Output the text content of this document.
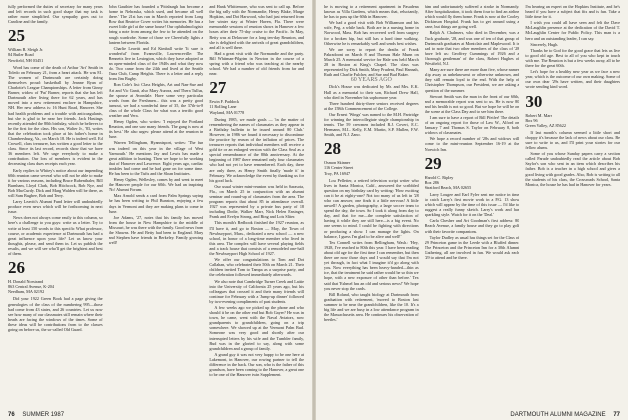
fully performed the duties of secretary for many years and left records in such good shape that my task is rather more simplified. Our sympathy goes out to Caroline and the family.

25
William B. Sleigh Jr.
84 Butler Road
Newfield, NH 03451

Word has come of the death of Arthur 'Art' Smith in Toledo on February 21, from a heart attack. He was 81. The women of Dartmouth are certainly doing themselves proud: basketball by Jeanne Ryan of Charlotte's League Championships. A letter from Ginny Barner, widow of 'Pat' Barner, reports that she has left Dartmouth after living there for 62 years, and has moved into a new retirement enclave in Hampshire, NH. Her new address is: 16 Hunt Road, Hanover. She had health problems and a trouble with anticoagulants, but she is glad to be near her friends. Jack Hastings recently attended the 80th birthday, which he believes to be the first for the class. His son, Walter Jr., '83, writes that the celebration took place at his father's home in Chambersburg, Va., on March 18. He is indeed well. Ed Crowell, class treasurer, has written a good letter to the class. Since its last record, records show that we have 36 members left. We urge everybody to make a contribution. Our loss of members is evident in the decreasing class dues receipts each year.

Early replies to Whitey's notice about our impending 60th reunion came several who will not be able to make it for various reasons, including Bruce Rubenthaler, Bill Burnham, Lloyd Clark, Bob Hitchcock, Bob Nye, and Bob MacCurdy. Dick and Marg Walden will be there, as will Sam Bugbee, Bob and Terry.

Larry Leavitt's Alumni Fund letter will undoubtedly produce even news which will be forthcoming in next issue.

News does not always come easily to this column, so here's a challenge to you guys: write us a letter. Try to write at least 150 words to this specific What professor, course, or academic experience at Dartmouth has had a great influence upon your life? Let us know your thoughts, please, and send them in. Let us publish the results, and we will see who'll get the brightest and best of them.

26
H. Donald Norstrand
863 Central Avenue, K-204
Needham, MA 02192

Did your 1922 Green Book had a page giving the genealogies of the class of the numbering 995—those had come from 43 states, and 26 countries. Let us now see how many of our classmates still remain where their heads are facing the windows of the times. Some of these ideas will be contributions from to the classes going on before us, the so-called Old Guard.

John Gauthier has founded a 'Pittsburgh has become a home in Nebraska, which used, and became all well there.' The 21st has run in March reported from Long Bow that Beatrice Cover writes his memories. He has a sweet little girl at the same house! Our ophthalmologists bring a note from among the few to be attended on the rough wardrobe. Some of those we Cheerfully lights a lantern between Florida.

Charlie Leavitt and Ed Kimball write 'It sure is wonderful' from Evansville, Lawrenceville: The Bennetts live in Lexington, which they have adopted as an open-minded class of the 1940s and what they now do. Two came from the 24th and lived at the Seattle Tuna Club, Camp Heights. There is a letter and a reply from Jim Bugby.

Ron Cole's list: Class Heights, Art and Nan-Sue and Art and Vic Gantt, also Mary Aurora, and Thera Tullus, the spouse at Avondale. Have some very particular words from the Freshmen... this was a pretty good turnout, we had a wonderful time of 35, the 37th-to-8 class of the whole Class for what was a terrific good weather and Vera.

Henry Ogden, who writes: 'I enjoyed the Portland Reunion, and one saw many friends. The gang is now at its best.' He also urges: please attend at the reunion in June.

Warren Tellingham, Hyannisport, writes: 'The fun was indeed on this year in the village of West Yarmouth.' He mentions Jay and Lewis has made a great addition to hunting. Then we hope to be working that of Hanover and Lawrence. Eight years ago, cardiac troubles had come and he had gone on for some time. He has been to the Tufts and the Sloan Institutes.

Henry Ogden, Wellesley, comes by and went to meet the Hanover people for our 60th. We had an inspiring 'No' Alumni Forum.

Max Arnold sends a card from Palm Springs saying he has been writing to Phil Bunston, enjoying a few days in Vermont and they are making plans to come in June.

Joe Adams, '27, notes that his family has moved from the house in New Hampshire to the middle of Missouri, he was there with the family. Good news from the Shawns. He and Betty had been to England. Mary and Stephen have friends in Berkeley. Family growing well!

and Hank Whittemore, who was sent to call up. Before the big rally with the Normandie, Henry Blake, Marge Hopkins, and Dot Harwood, who had just returned from her winter stay at Winter Haven, Fla. There were memorable sessions of reunion shows in Hanover a few hours after their 75-day cruise to the Pacific. In May, Betty was at Delaware for a long ten-day Reunion, and she is delighted with the arrivals of great grandchildren, and all is well there.

Had a great visit with the Normandie and the party. Bill Whitman-Pilgrim in Newton in the course of a spring with a friend who was teaching at the nearby school. We had a number of old friends from far and near.

27
Erwin F. Paddock
11 Rolling Lane
Wayland, MA 01778

During 1985, we made goals — 'in the matter of remembering the names of classmates as they appear in a Birthday bulletin to be issued around 80 Club.' However, in 1986 we found it necessary to discontinue the practice by reason of the inflation of prices. The treasurer reports that individual members will receive a gold tie or an enlarged version with the Class Seal as a special remembrance of the 80th anniversary. At the beginning of 1987 there remained only four classmates who had not yet to have remembered. Each day, there are only three, as Henry Smith finally 'made it' in February. We acknowledge the event by thanking us for his good luck.

Our usual winter mini-reunion was held in Sarasota, Fla., on March 25 in conjunction with an alumni seminar and round-up of classmates from the area. The program reports that about 85 in attendance overall. 1927 was represented by a private bus party of 18 including Dodie, Walker Marr, Nick Helen Ensinger, Frank and Evelyn Strong, and Bing and Lois Sliter.

This month's Redbook finished the 1927 reunion, as I'll have it, and go to Boston — May, the Town of Newburyport, Mass., dedicated a new school — a new school, in honor of a long-time member who lived in this area. The complex will have several playing fields and a track house that consists of a remodeled one-half the Newburyport High School of 1927.

We offer our congratulations to Tom and Dot Callahan, who celebrated their 50th on March 21. Their children invited Tom to Tampa as a surprise party, and the celebration followed immediately afterwards.

We also note that Cambridge Turner Creek and Lattie into the University of California 25 years ago, but his colleagues that crossed it and their many friends will continue for February with a 'Jump-up dinner' followed by two-evening compliments of past students.

A few weeks ago we picked up the phone and who should it be on the other end but Bob Gayer? He was in town, he came, went with the Naval Aviators, now grandparents to grandchildren, going on a trip somewhere. We showed up at the Vermont Palm Bud. Someone was very good and shortly after our interrupted letters by his wife and the Tumbler family, Bud was in the gloried to say, along with some grandchildren and a group of family.

A grand guy it was not very happy to be one here at Lakemont, in Hanover, our rowing partner to tell the difference in the back. Our son, who is the father of this grandson, have been coming to the Hanover, a great one to be one of the Hanover twin Supplement.

76 SUMMER 1987

he is moving to a retirement apartment in Pasadena known as Villa Gardens, which means that, reluctantly, he has to pass up the 60th in Hanover.

We had a good visit with Bob Williamson and his wife, Peg, a while back. Both are in a nursing home in Norwood, Mass. Bob has recovered well from surgery for a broken hip, but still has a hard time walking. Otherwise he is remarkably well and sends best wishes.

We are sorry to report the deaths of Frank Pakradooni on March 8 and Thomas Hale Munn on March 25. A memorial service for Hale was held March 28 in Boston at King's Chapel. The class was represented by Dick Smith, Mary Prudent, Paul Hannah, Ruth and Charlie Fulcher, and Sue and Bud Baker.

60 YEARS AGO

Dick's House was dedicated by Mr. and Mrs. E.K. Hall as a memorial to their son, Richard Drew Hall, who died in November his sophomore year.

Three hundred thirty-three seniors received degrees at the 158th Commencement of the College.

Our Ernest 'Wings' was named to the M.H. Partridge for winning the intercollegiate single championship in tennis. The 59 crewmen included R.J. Covert, E.C. Hermann, M.L. Kelly, E.M. Martin, S.P. Mullen, F.W. Smith, and N.J. Zano.

28
Osmon Skinner
116 Center Street
Troy, PA 16947

Lou Pelletier, a retired television script writer who lives in Santa Monica, Calif., answered the scribbled question on my birthday card by writing: 'How exciting can it be at eighty-one? Not too many of us left in '28 who can answer, one finds it a little nervous! A little unwell! A garden, photography, a large soccer team to spend the day, the town. So I took it along from day to day, and that for me—the complete satisfaction of having it while they are still here—is a big event. No one seems to mind. I could be fighting with directions or producing a show. I can manage the lights. On balance, I guess I'm glad to be alive and well!'

Tex Connell writes from Bellingham, Wash.: 'Hey, 1928, I've reached to 80th this year. I have been reading about old age for the first time I can remember, but then there are now those days and I would say that I'm not yet through, in fact what I imagine it'd go along with you. Now everything has been heavy-handed—thin as ice, that the treatment he said rather would be so thin we hope, with a new exposure of other than before.' Tex said that 'Eshmel has an old and serious news!' We hope you never stop the cards.

Bill Roland, who taught biology at Dartmouth from graduation with retirement, 'moved to Boston last summer to be near the grandchildren, like the 10. It's a big life and we are busy in a low attendance program in the Massachusetts area. He continues his observation of beetles.'

him and unfortunately suffered a stroke in Normandy. After hospitalization, it took them four to find an airline which would fly them home. Frank is now at the Cooley Dickinson Hospital. Frank has to get around using a cane, but things are going well.

Ralph A. Chalmers, who died in December, was a Tuck graduate, '28, and was one of ten of that group of Dartmouth graduates at Montclair and Maplewood. It is sad to note that two other members of the class of '28 have left us: Geoffrey Cummings of 1926 and a 'thorough gentleman' of the class, Robert Hughes of Westfield, N.J.

Many are sure there are more than five, whose names slip away as unbeknownst or otherwise unknown, and they still remain loyal to the end. With the help of Christopher Thompson, our President, we are asking a question of the summer.

Stewart Smith was the man in the front of our 60th, and a memorable report was sent to us. He is now 80 and his health is not so good. But we hope he will be on the scene at the Class Day and to see him there.

I am sure to have a report of Bill Pfeifer! The details of an ongoing report for those of Law W., Alford on January 7 and Thomas S. Taylor on February 8, both widows of classmates.

We hope a record number of '28s and widows will come to the mini-reunion September 16-19 at the Norwich Inn.

29
Harold C. Ripley
Box 286
Stratford Beach, MA 02655

Larry Lougee and Earl Fyler sent me notice in time to catch Larry's first movie work in a P.G. 13 show which will appear by the time of this issue — I'd like to suggest a really funny sketch. Larry's work and has sparkling style. Watch for it on the 'Deal.'

Carla Chesher and Art Goodman's first address: 80 Beach Avenue, a family house and they go to play golf with their favorite companions.

Taylor Dudley as usual has things set for the Class of 29 Princeton game in the Leede with a Bluffed dinner. The Princeton and the Princeton Inn for a 30th Alumni Gathering, all are involved in fun. We would ask each '29 to attend and be there.

I'm hearing an expert on the Hopkins Institute, and he's heard if you have a subject that fits and is fun. Take a little time for it.

I wish you could all have seen and felt the Dave McLaughlin presence at the dedication of the David T. McLaughlin Center for Public Policy. This man is a hero and an outstanding leader, I can say.

Sincerely, Hugh.

Thanks be to God for the good grace that lets us live to good old age. Best to all of you who kept in touch with me. The Reunion is but a few weeks away, all to be there for the great 60th.

Let's hope for a healthy new year as we face a new year, which is the outcome of our own making. Some of our own dear '29s have written, and their daughters wrote sending kind word.

30
Robert M. Marr
Box 96
Green Valley, AZ 85622

If last month's column seemed a little short and choppy it's because the lack of news about our class. Be sure to write to us, and I'll print your stories for our fellow alums.

Some of you whose Sunday papers carry a section called Parade undoubtedly read the article about Bob Saylor's son who sent in an item which describes his father. Bob is a teacher in a high school and gives a good living with good grades. Also, Bob is writing to all the students of his class, the Crossroads School, Santa Monica, the house he has had in Hanover for years.

DARTMOUTH ALUMNI MAGAZINE 77
